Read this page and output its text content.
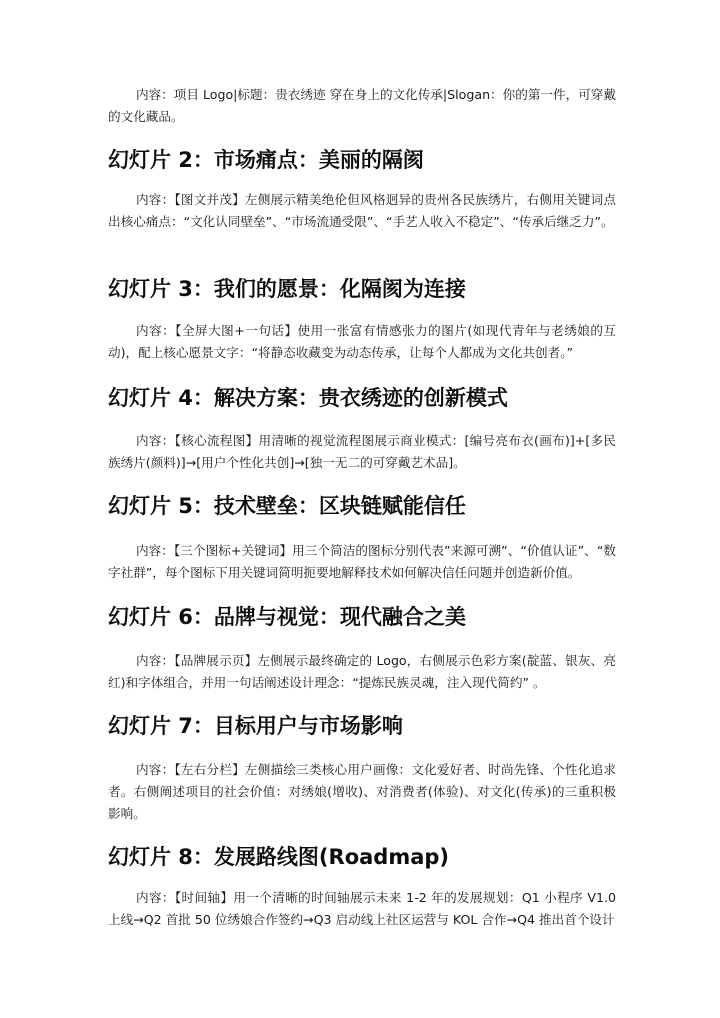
内容：项目 Logo|标题：贵衣绣迹 穿在身上的文化传承|Slogan：你的第一件，可穿戴的文化藏品。

幻灯片 2：市场痛点：美丽的隔阂

内容：【图文并茂】左侧展示精美绝伦但风格迥异的贵州各民族绣片，右侧用关键词点出核心痛点：“文化认同壁垒”、“市场流通受限”、“手艺人收入不稳定”、“传承后继乏力”。

幻灯片 3：我们的愿景：化隔阂为连接

内容：【全屏大图+一句话】使用一张富有情感张力的图片(如现代青年与老绣娘的互动)，配上核心愿景文字：“将静态收藏变为动态传承，让每个人都成为文化共创者。”

幻灯片 4：解决方案：贵衣绣迹的创新模式

内容：【核心流程图】用清晰的视觉流程图展示商业模式：[编号亮布衣(画布)]+[多民族绣片(颜料)]→[用户个性化共创]→[独一无二的可穿戴艺术品]。

幻灯片 5：技术壁垒：区块链赋能信任

内容：【三个图标+关键词】用三个简洁的图标分别代表”来源可溯”、“价值认证”、“数字社群”，每个图标下用关键词简明扼要地解释技术如何解决信任问题并创造新价值。

幻灯片 6：品牌与视觉：现代融合之美

内容：【品牌展示页】左侧展示最终确定的 Logo，右侧展示色彩方案(靛蓝、银灰、亮红)和字体组合，并用一句话阐述设计理念：“提炼民族灵魂，注入现代简约” 。

幻灯片 7：目标用户与市场影响

内容：【左右分栏】左侧描绘三类核心用户画像：文化爱好者、时尚先锋、个性化追求者。右侧阐述项目的社会价值：对绣娘(增收)、对消费者(体验)、对文化(传承)的三重积极影响。

幻灯片 8：发展路线图(Roadmap)

内容：【时间轴】用一个清晰的时间轴展示未来 1-2 年的发展规划：Q1 小程序 V1.0 上线→Q2 首批 50 位绣娘合作签约→Q3 启动线上社区运营与 KOL 合作→Q4 推出首个设计
